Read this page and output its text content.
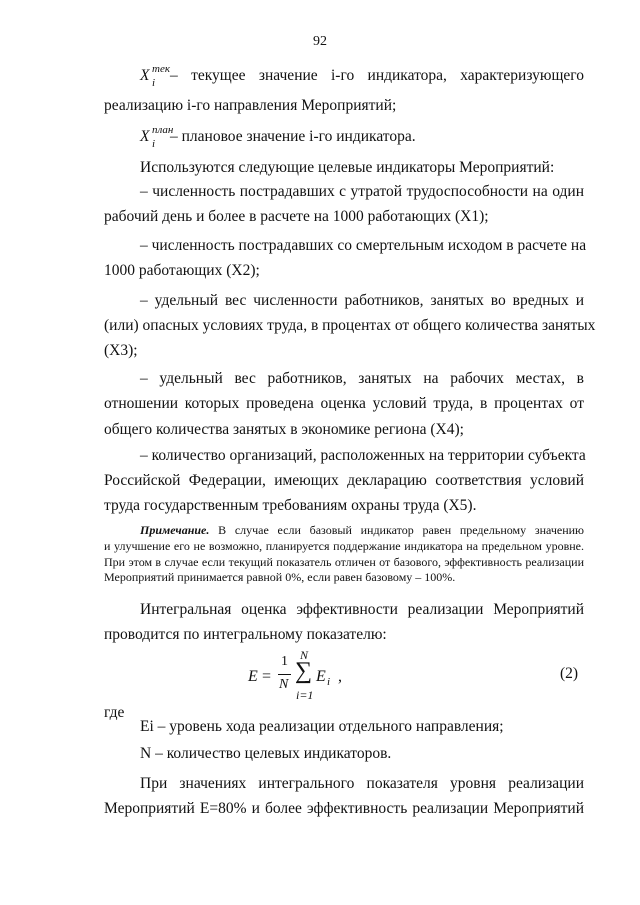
92
X тек
i – текущее значение i-го индикатора, характеризующего
реализацию i-го направления Мероприятий;
X план
i – плановое значение i-го индикатора.
Используются следующие целевые индикаторы Мероприятий:
– численность пострадавших с утратой трудоспособности на один
рабочий день и более в расчете на 1000 работающих (X1);
– численность пострадавших со смертельным исходом в расчете на
1000 работающих (X2);
– удельный вес численности работников, занятых во вредных и
(или) опасных условиях труда, в процентах от общего количества занятых
(X3);
– удельный вес работников, занятых на рабочих местах, в
отношении которых проведена оценка условий труда, в процентах от
общего количества занятых в экономике региона (X4);
– количество организаций, расположенных на территории субъекта
Российской Федерации, имеющих декларацию соответствия условий
труда государственным требованиям охраны труда (X5).
Примечание. В случае если базовый индикатор равен предельному значению
и улучшение его не возможно, планируется поддержание индикатора на предельном уровне.
При этом в случае если текущий показатель отличен от базового, эффективность реализации
Мероприятий принимается равной 0%, если равен базовому – 100%.
Интегральная оценка эффективности реализации Мероприятий
проводится по интегральному показателю:
E =
1
N
N
∑
i=1
E i ,	(2)
где
Ei – уровень хода реализации отдельного направления;
N – количество целевых индикаторов.
При значениях интегрального показателя уровня реализации
Мероприятий E=80% и более эффективность реализации Мероприятий
